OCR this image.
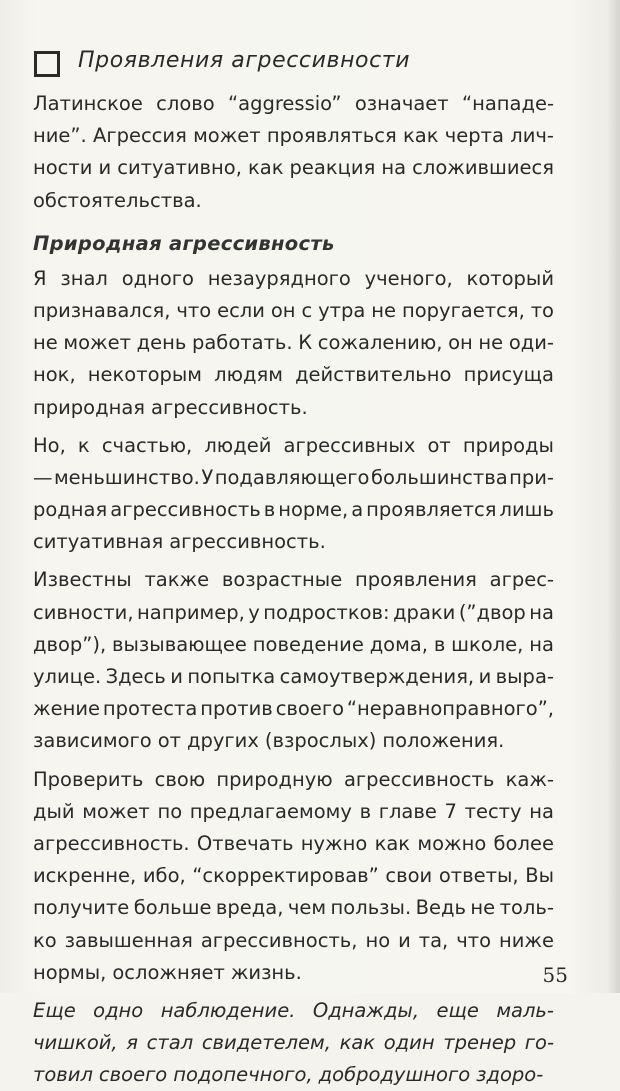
Проявления агрессивности
Латинское слово “aggressio” означает “нападе-
ние”. Агрессия может проявляться как черта лич-
ности и ситуативно, как реакция на сложившиеся
обстоятельства.
Природная агрессивность
Я знал одного незаурядного ученого, который
признавался, что если он с утра не поругается, то
не может день работать. К сожалению, он не оди-
нок, некоторым людям действительно присуща
природная агрессивность.
Но, к счастью, людей агрессивных от природы
— меньшинство. У подавляющего большинства при-
родная агрессивность в норме, а проявляется лишь
ситуативная агрессивность.
Известны также возрастные проявления агрес-
сивности, например, у подростков: драки (”двор на
двор”), вызывающее поведение дома, в школе, на
улице. Здесь и попытка самоутверждения, и выра-
жение протеста против своего “неравноправного”,
зависимого от других (взрослых) положения.
Проверить свою природную агрессивность каж-
дый может по предлагаемому в главе 7 тесту на
агрессивность. Отвечать нужно как можно более
искренне, ибо, “скорректировав” свои ответы, Вы
получите больше вреда, чем пользы. Ведь не толь-
ко завышенная агрессивность, но и та, что ниже
нормы, осложняет жизнь.
Еще одно наблюдение. Однажды, еще маль-
чишкой, я стал свидетелем, как один тренер го-
товил своего подопечного, добродушного здоро-
55
